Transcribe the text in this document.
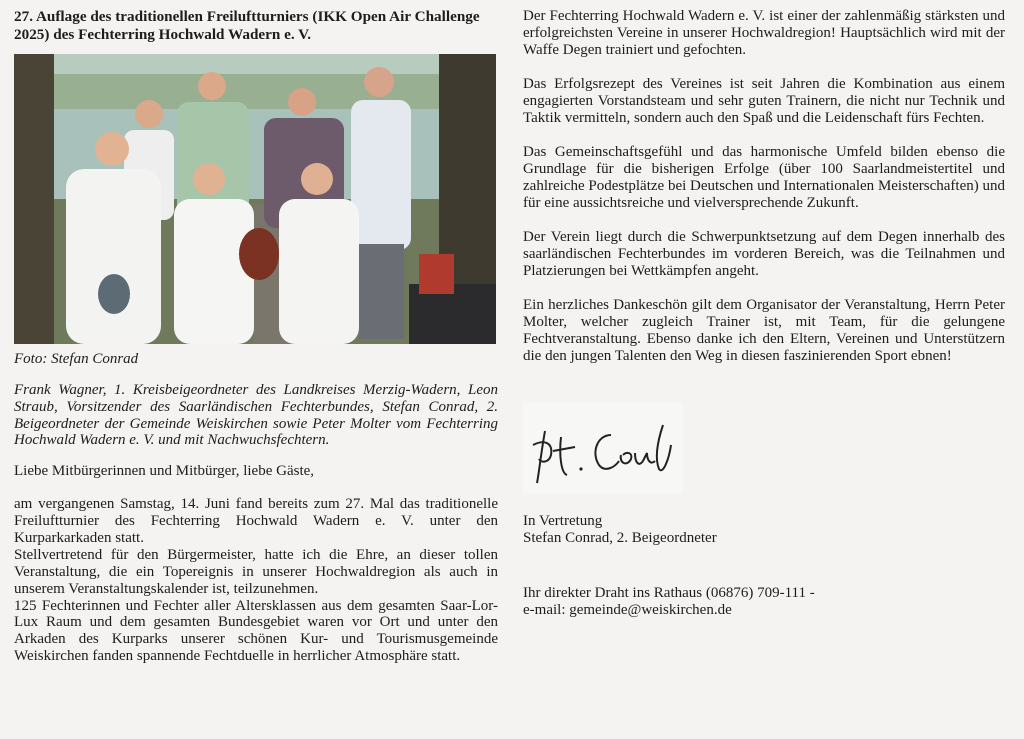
27. Auflage des traditionellen Freiluftturniers (IKK Open Air Challenge 2025) des Fechterring Hochwald Wadern e. V.

Foto: Stefan Conrad

Frank Wagner, 1. Kreisbeigeordneter des Landkreises Merzig-Wadern, Leon Straub, Vorsitzender des Saarländischen Fechterbundes, Stefan Conrad, 2. Beigeordneter der Gemeinde Weiskirchen sowie Peter Molter vom Fechterring Hochwald Wadern e. V. und mit Nachwuchsfechtern.

Liebe Mitbürgerinnen und Mitbürger, liebe Gäste,

am vergangenen Samstag, 14. Juni fand bereits zum 27. Mal das traditionelle Freiluftturnier des Fechterring Hochwald Wadern e. V. unter den Kurparkarkaden statt.

Stellvertretend für den Bürgermeister, hatte ich die Ehre, an dieser tollen Veranstaltung, die ein Topereignis in unserer Hochwaldregion als auch in unserem Veranstaltungskalender ist, teilzunehmen.

125 Fechterinnen und Fechter aller Altersklassen aus dem gesamten Saar-Lor-Lux Raum und dem gesamten Bundesgebiet waren vor Ort und unter den Arkaden des Kurparks unserer schönen Kur- und Tourismusgemeinde Weiskirchen fanden spannende Fechtduelle in herrlicher Atmosphäre statt.

Der Fechterring Hochwald Wadern e. V. ist einer der zahlenmäßig stärksten und erfolgreichsten Vereine in unserer Hochwaldregion! Hauptsächlich wird mit der Waffe Degen trainiert und gefochten.

Das Erfolgsrezept des Vereines ist seit Jahren die Kombination aus einem engagierten Vorstandsteam und sehr guten Trainern, die nicht nur Technik und Taktik vermitteln, sondern auch den Spaß und die Leidenschaft fürs Fechten.

Das Gemeinschaftsgefühl und das harmonische Umfeld bilden ebenso die Grundlage für die bisherigen Erfolge (über 100 Saarlandmeistertitel und zahlreiche Podestplätze bei Deutschen und Internationalen Meisterschaften) und für eine aussichtsreiche und vielversprechende Zukunft.

Der Verein liegt durch die Schwerpunktsetzung auf dem Degen innerhalb des saarländischen Fechterbundes im vorderen Bereich, was die Teilnahmen und Platzierungen bei Wettkämpfen angeht.

Ein herzliches Dankeschön gilt dem Organisator der Veranstaltung, Herrn Peter Molter, welcher zugleich Trainer ist, mit Team, für die gelungene Fechtveranstaltung. Ebenso danke ich den Eltern, Vereinen und Unterstützern die den jungen Talenten den Weg in diesen faszinierenden Sport ebnen!

In Vertretung

Stefan Conrad, 2. Beigeordneter

Ihr direkter Draht ins Rathaus (06876) 709-111 -

e-mail: gemeinde@weiskirchen.de
